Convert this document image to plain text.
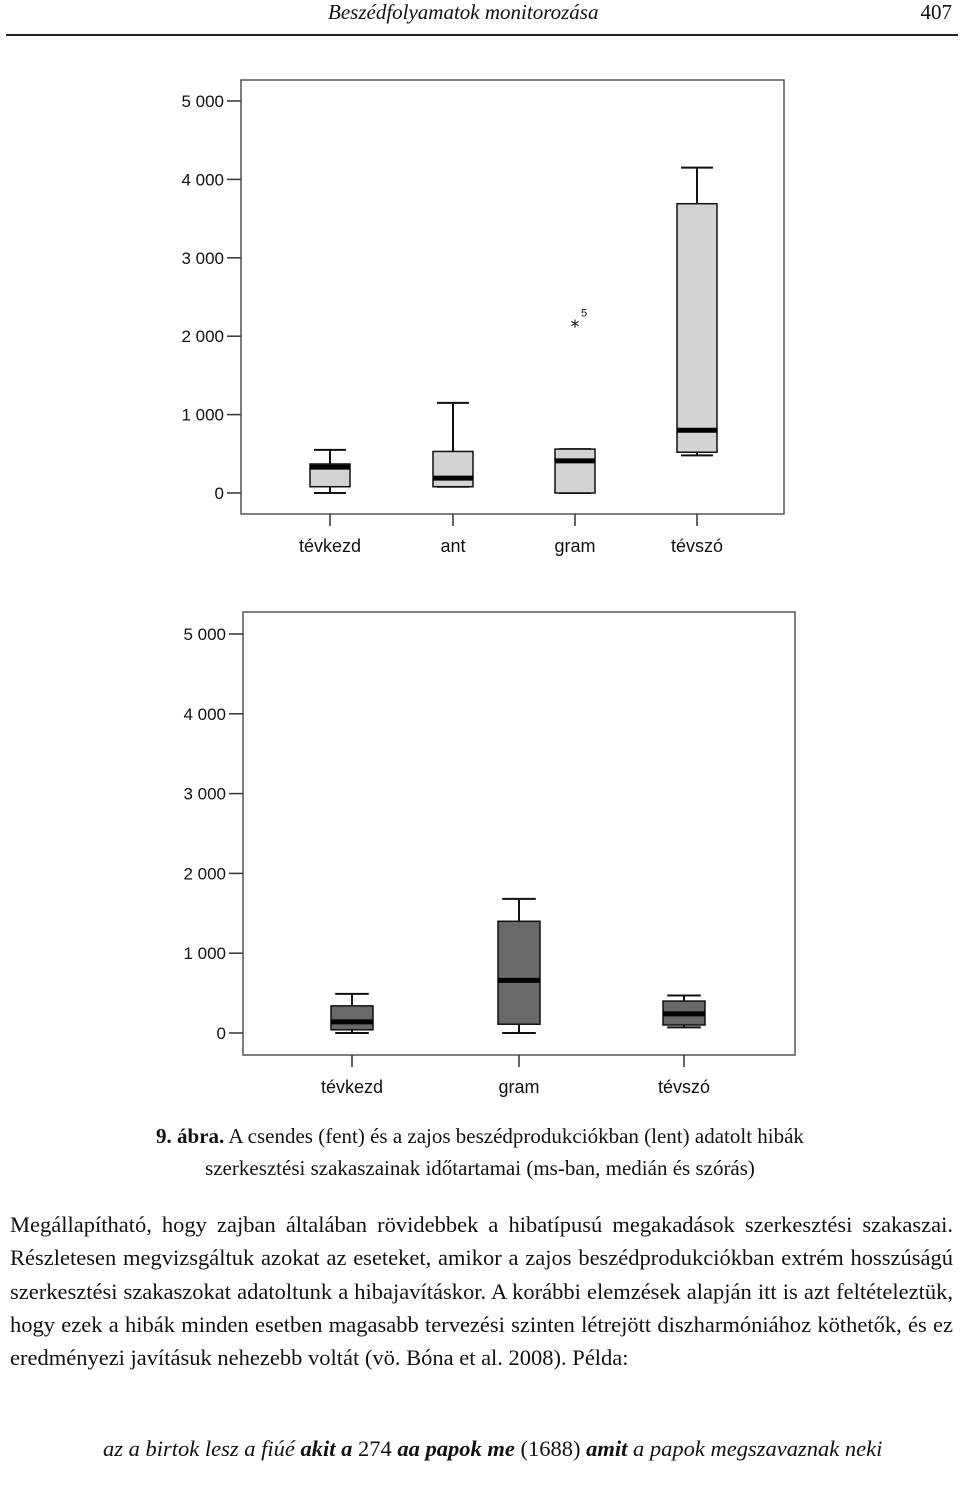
Beszédfolyamatok monitorozása	407
5 000
4 000
3 000
2 000
1 000
0
tévkezd	ant	gram	tévszó
*
5
5 000
4 000
3 000
2 000
1 000
0
tévkezd	gram	tévszó
9. ábra. A csendes (fent) és a zajos beszédprodukciókban (lent) adatolt hibák
szerkesztési szakaszainak időtartamai (ms-ban, medián és szórás)
Megállapítható, hogy zajban általában rövidebbek a hibatípusú megakadások szerkesztési szakaszai. Részletesen megvizsgáltuk azokat az eseteket, amikor a zajos beszédprodukciókban extrém hosszúságú szerkesztési szakaszokat adatoltunk a hibajavításkor. A korábbi elemzések alapján itt is azt feltételeztük, hogy ezek a hibák minden esetben magasabb tervezési szinten létrejött diszharmóniához köthetők, és ez eredményezi javításuk nehezebb voltát (vö. Bóna et al. 2008). Példa:
az a birtok lesz a fiúé akit a 274 aa papok me (1688) amit a papok megszavaznak neki
